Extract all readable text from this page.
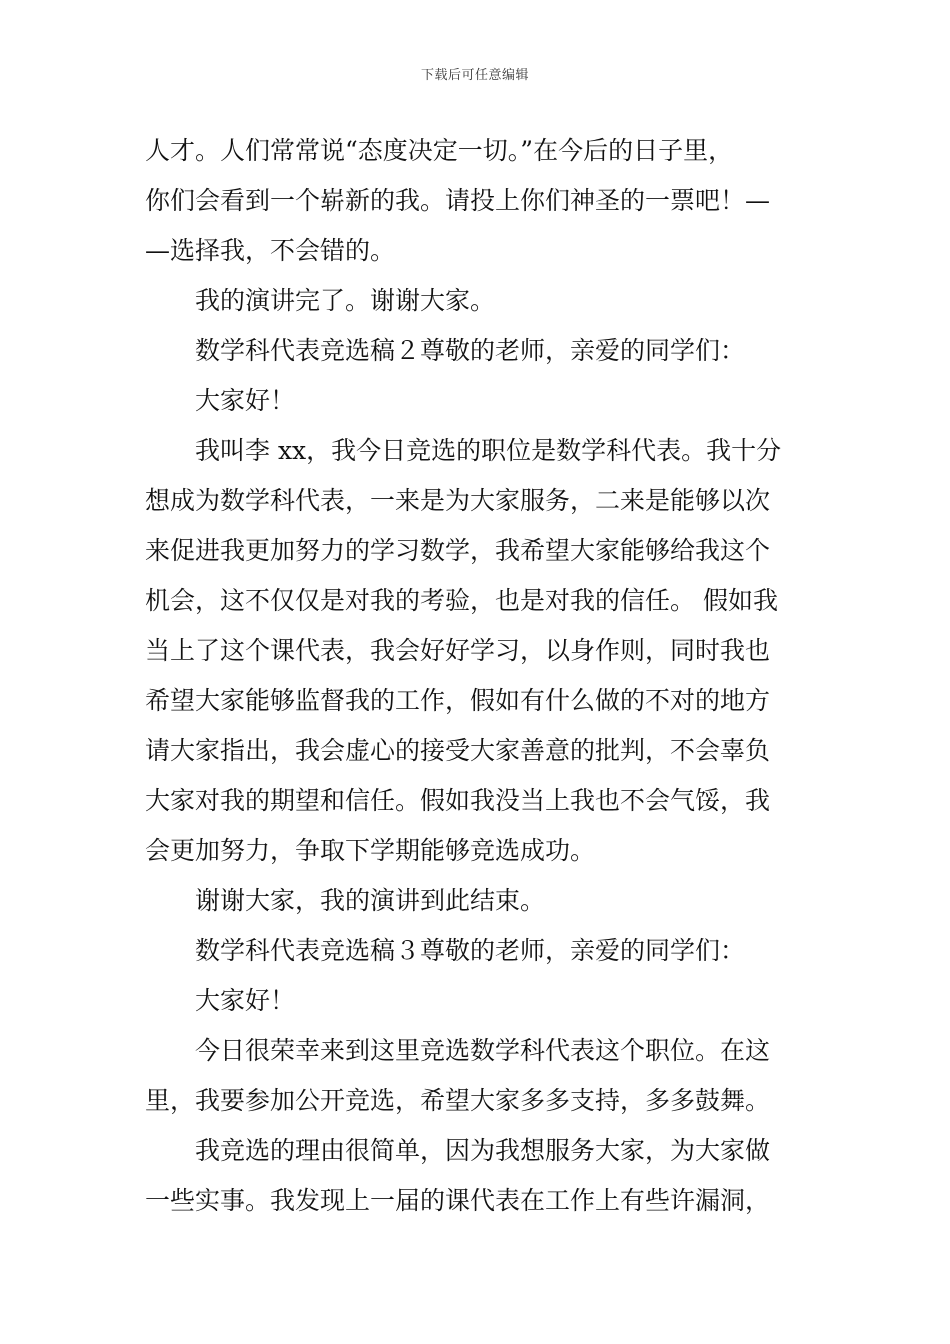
下载后可任意编辑
人才。人们常常说“态度决定一切。”在今后的日子里，
你们会看到一个崭新的我。请投上你们神圣的一票吧！—
—选择我，不会错的。
我的演讲完了。谢谢大家。
数学科代表竞选稿２尊敬的老师，亲爱的同学们：
大家好！
我叫李 xx，我今日竞选的职位是数学科代表。我十分
想成为数学科代表，一来是为大家服务，二来是能够以次
来促进我更加努力的学习数学，我希望大家能够给我这个
机会，这不仅仅是对我的考验，也是对我的信任。 假如我
当上了这个课代表，我会好好学习，以身作则，同时我也
希望大家能够监督我的工作，假如有什么做的不对的地方
请大家指出，我会虚心的接受大家善意的批判，不会辜负
大家对我的期望和信任。假如我没当上我也不会气馁，我
会更加努力，争取下学期能够竞选成功。
谢谢大家，我的演讲到此结束。
数学科代表竞选稿３尊敬的老师，亲爱的同学们：
大家好！
今日很荣幸来到这里竞选数学科代表这个职位。在这
里，我要参加公开竞选，希望大家多多支持，多多鼓舞。
我竞选的理由很简单，因为我想服务大家，为大家做
一些实事。我发现上一届的课代表在工作上有些许漏洞，
